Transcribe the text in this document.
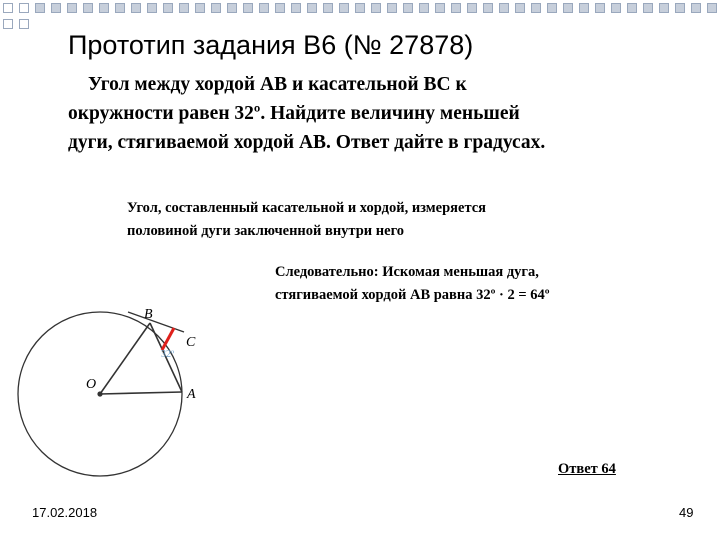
Прототип задания B6 (№ 27878)
Угол между хордой AB и касательной BC к
окружности равен 32º. Найдите величину меньшей
дуги, стягиваемой хордой AB. Ответ дайте в градусах.
Угол, составленный касательной и хордой, измеряется
половиной дуги заключенной внутри него
Следовательно: Искомая меньшая дуга,
стягиваемой хордой AB равна 32º · 2 = 64º
32º
B
C
O
A
Ответ 64
17.02.2018	49
